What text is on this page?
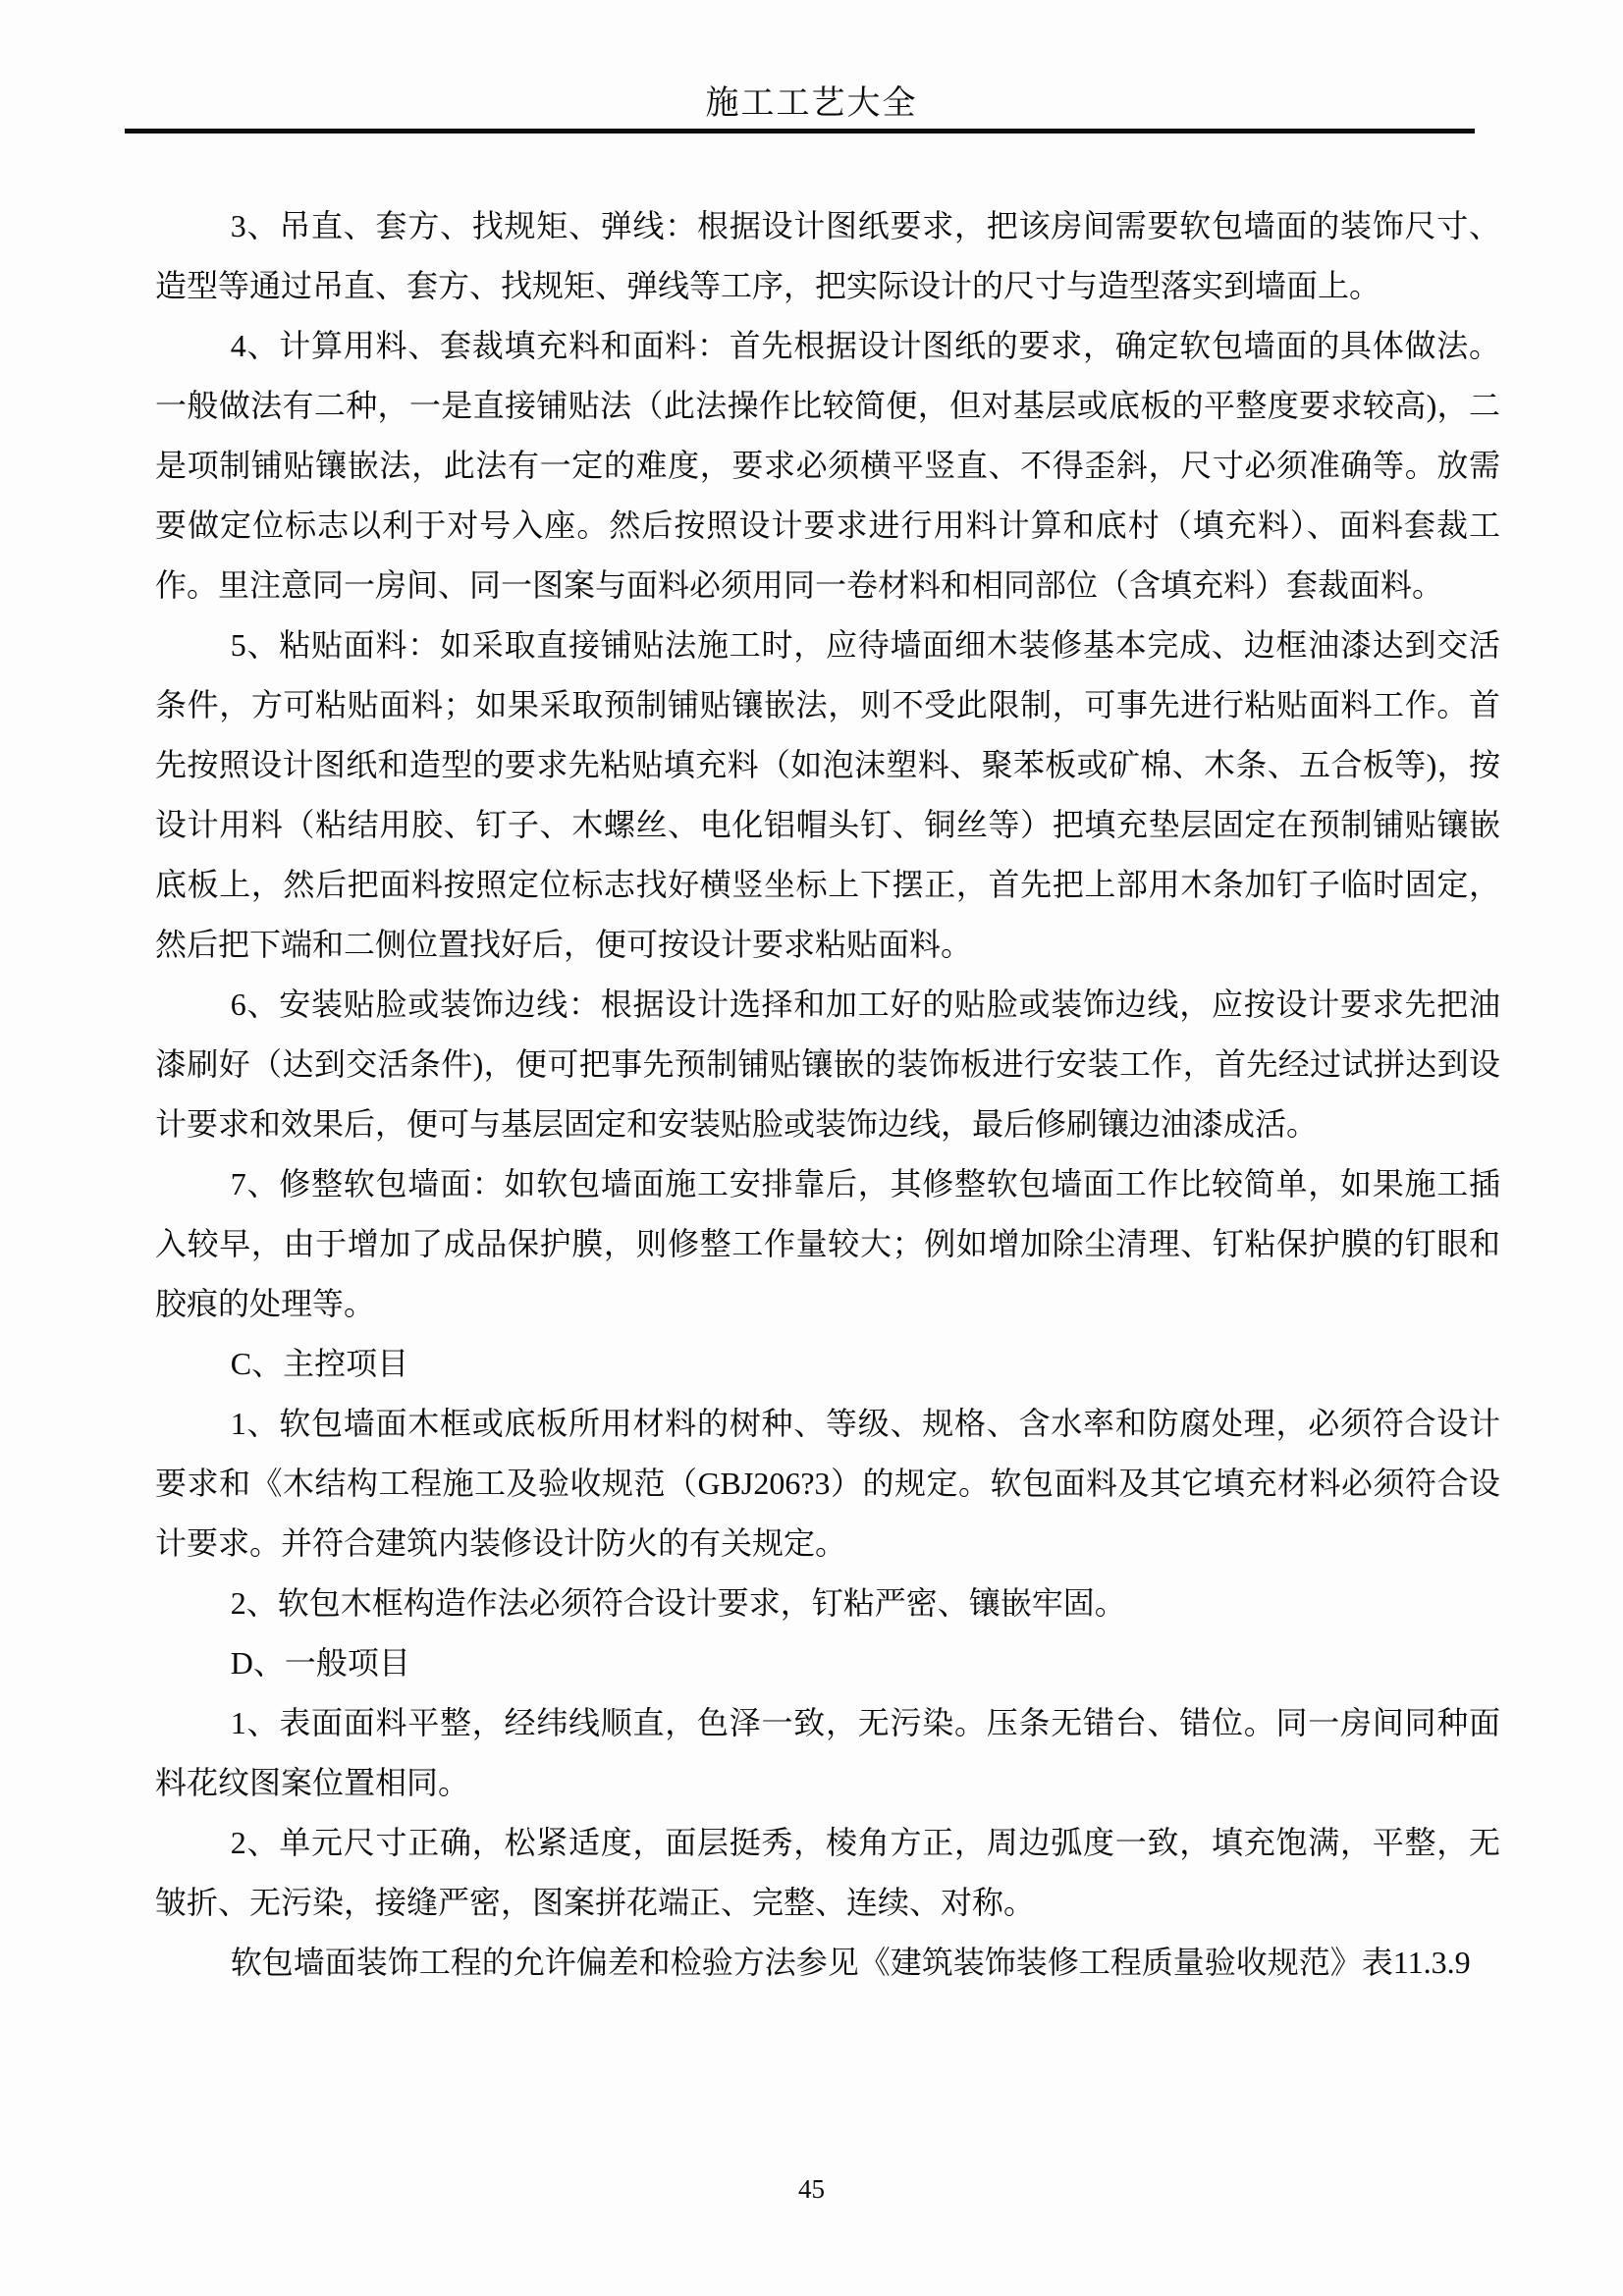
施工工艺大全

3、吊直、套方、找规矩、弹线：根据设计图纸要求，把该房间需要软包墙面的装饰尺寸、造型等通过吊直、套方、找规矩、弹线等工序，把实际设计的尺寸与造型落实到墙面上。

4、计算用料、套裁填充料和面料：首先根据设计图纸的要求，确定软包墙面的具体做法。一般做法有二种，一是直接铺贴法（此法操作比较简便，但对基层或底板的平整度要求较高)，二是项制铺贴镶嵌法，此法有一定的难度，要求必须横平竖直、不得歪斜，尺寸必须准确等。放需要做定位标志以利于对号入座。然后按照设计要求进行用料计算和底村（填充料）、面料套裁工作。里注意同一房间、同一图案与面料必须用同一卷材料和相同部位（含填充料）套裁面料。

5、粘贴面料：如采取直接铺贴法施工时，应待墙面细木装修基本完成、边框油漆达到交活条件，方可粘贴面料；如果采取预制铺贴镶嵌法，则不受此限制，可事先进行粘贴面料工作。首先按照设计图纸和造型的要求先粘贴填充料（如泡沫塑料、聚苯板或矿棉、木条、五合板等)，按设计用料（粘结用胶、钉子、木螺丝、电化铝帽头钉、铜丝等）把填充垫层固定在预制铺贴镶嵌底板上，然后把面料按照定位标志找好横竖坐标上下摆正，首先把上部用木条加钉子临时固定，然后把下端和二侧位置找好后，便可按设计要求粘贴面料。

6、安装贴脸或装饰边线：根据设计选择和加工好的贴脸或装饰边线，应按设计要求先把油漆刷好（达到交活条件)，便可把事先预制铺贴镶嵌的装饰板进行安装工作，首先经过试拼达到设计要求和效果后，便可与基层固定和安装贴脸或装饰边线，最后修刷镶边油漆成活。

7、修整软包墙面：如软包墙面施工安排靠后，其修整软包墙面工作比较简单，如果施工插入较早，由于增加了成品保护膜，则修整工作量较大；例如增加除尘清理、钉粘保护膜的钉眼和胶痕的处理等。

C、主控项目

1、软包墙面木框或底板所用材料的树种、等级、规格、含水率和防腐处理，必须符合设计要求和《木结构工程施工及验收规范（GBJ206?3）的规定。软包面料及其它填充材料必须符合设计要求。并符合建筑内装修设计防火的有关规定。

2、软包木框构造作法必须符合设计要求，钉粘严密、镶嵌牢固。

D、一般项目

1、表面面料平整，经纬线顺直，色泽一致，无污染。压条无错台、错位。同一房间同种面料花纹图案位置相同。

2、单元尺寸正确，松紧适度，面层挺秀，棱角方正，周边弧度一致，填充饱满，平整，无皱折、无污染，接缝严密，图案拼花端正、完整、连续、对称。

软包墙面装饰工程的允许偏差和检验方法参见《建筑装饰装修工程质量验收规范》表11.3.9

45
